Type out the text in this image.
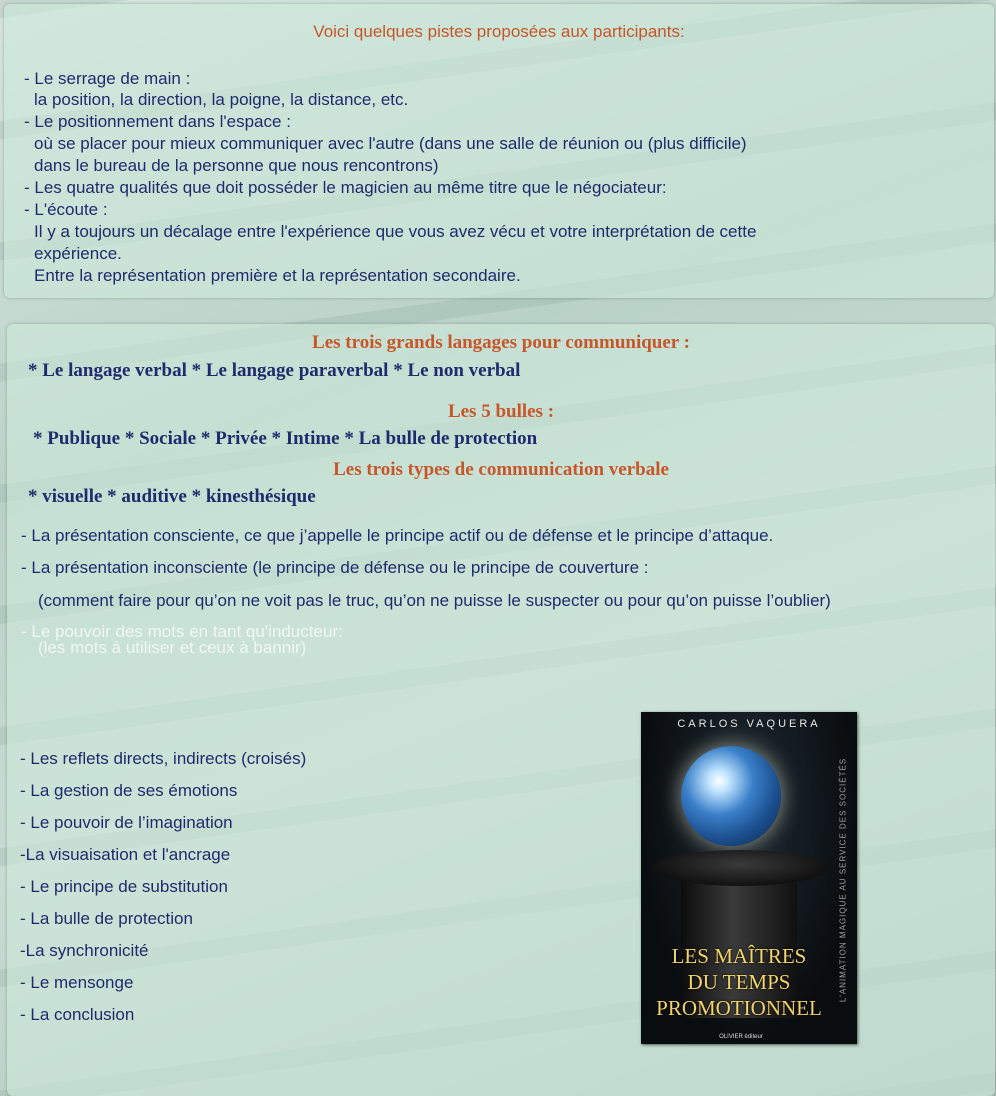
Voici quelques pistes proposées aux participants:
- Le serrage de main :
la position, la direction, la poigne, la distance, etc.
- Le positionnement dans l'espace :
où se placer pour mieux communiquer avec l'autre (dans une salle de réunion ou (plus difficile)
dans le bureau de la personne que nous rencontrons)
- Les quatre qualités que doit posséder le magicien au même titre que le négociateur:
- L'écoute :
Il y a toujours un décalage entre l'expérience que vous avez vécu et votre interprétation de cette
expérience.
Entre la représentation première et la représentation secondaire.
Les trois grands langages pour communiquer :
* Le langage verbal * Le langage paraverbal * Le non verbal
Les 5 bulles :
* Publique * Sociale * Privée * Intime * La bulle de protection
Les trois types de communication verbale
* visuelle * auditive * kinesthésique
- La présentation consciente, ce que j’appelle le principe actif ou de défense et le principe d’attaque.
- La présentation inconsciente (le principe de défense ou le principe de couverture :
(comment faire pour qu’on ne voit pas le truc, qu’on ne puisse le suspecter ou pour qu’on puisse l’oublier)
- Le pouvoir des mots en tant qu'inducteur:
(les mots à utiliser et ceux à bannir)
- Les reflets directs, indirects (croisés)
- La gestion de ses émotions
- Le pouvoir de l’imagination
-La visuaisation et l'ancrage
- Le principe de substitution
- La bulle de protection
-La synchronicité
- Le mensonge
- La conclusion
CARLOS VAQUERA
LES MAÎTRES
DU TEMPS
PROMOTIONNEL
L'ANIMATION MAGIQUE AU SERVICE DES SOCIÉTÉS
OLIVIER éditeur
